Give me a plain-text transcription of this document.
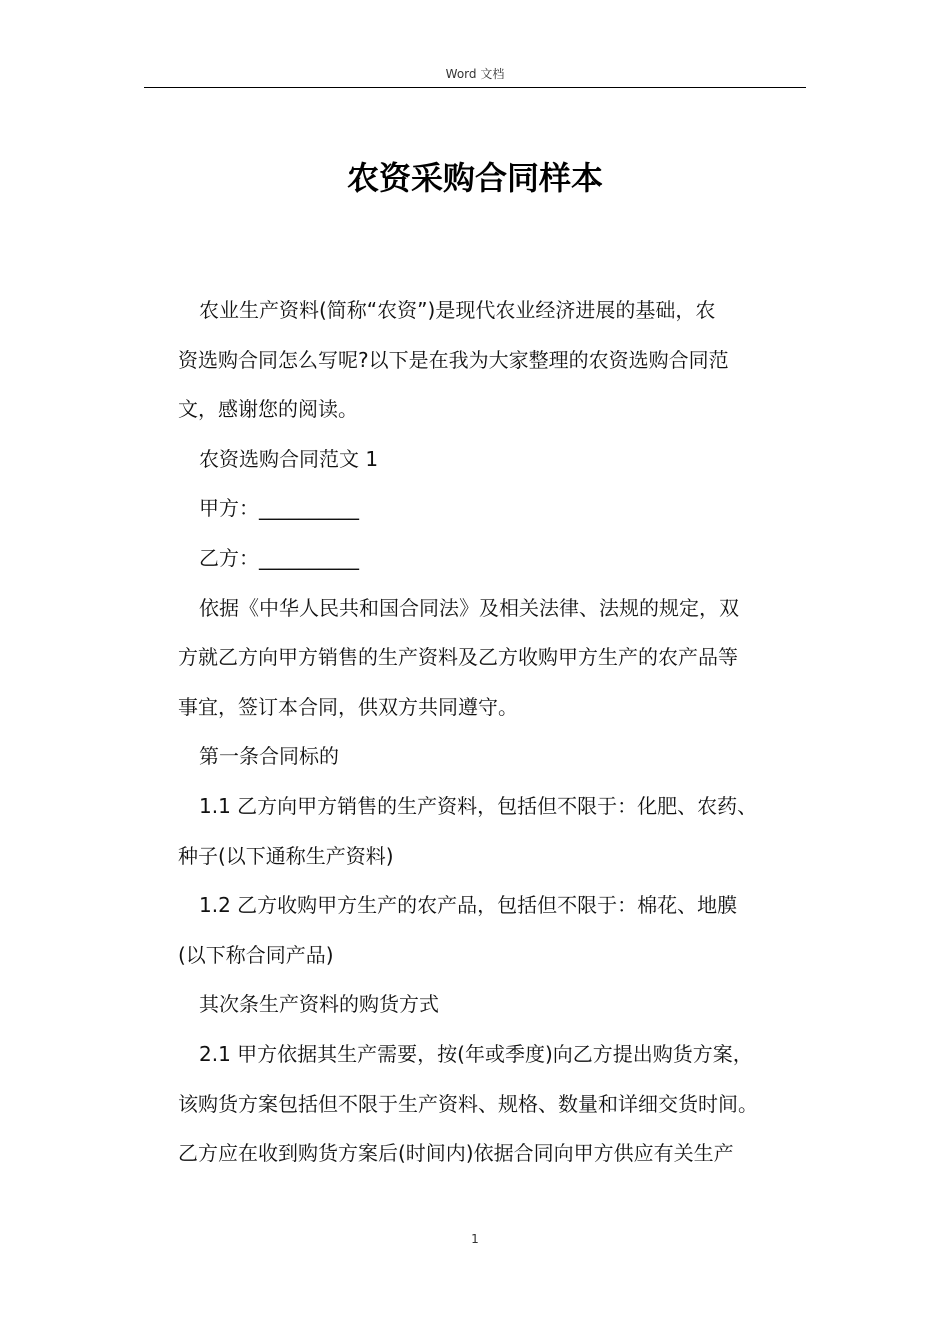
Word 文档
农资采购合同样本
农业生产资料(简称“农资”)是现代农业经济进展的基础，农
资选购合同怎么写呢?以下是在我为大家整理的农资选购合同范
文，感谢您的阅读。
农资选购合同范文 1
甲方：__________
乙方：__________
依据《中华人民共和国合同法》及相关法律、法规的规定，双
方就乙方向甲方销售的生产资料及乙方收购甲方生产的农产品等
事宜，签订本合同，供双方共同遵守。
第一条合同标的
1.1 乙方向甲方销售的生产资料，包括但不限于：化肥、农药、
种子(以下通称生产资料)
1.2 乙方收购甲方生产的农产品，包括但不限于：棉花、地膜
(以下称合同产品)
其次条生产资料的购货方式
2.1 甲方依据其生产需要，按(年或季度)向乙方提出购货方案，
该购货方案包括但不限于生产资料、规格、数量和详细交货时间。
乙方应在收到购货方案后(时间内)依据合同向甲方供应有关生产
1
